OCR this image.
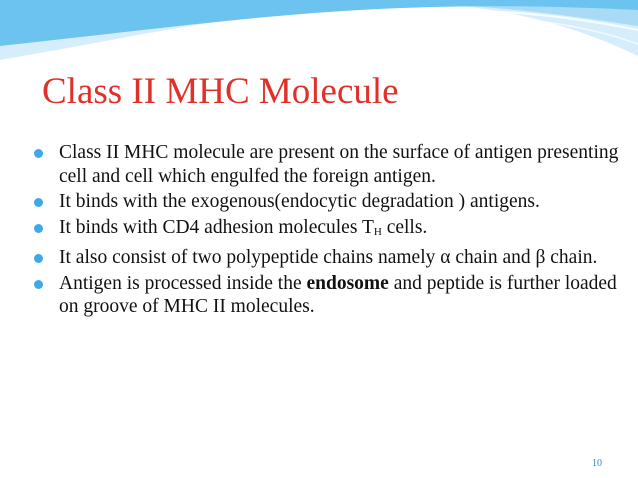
Class II MHC Molecule
Class II MHC molecule are present on the surface of antigen presenting cell and cell which engulfed the foreign antigen.
It binds with the exogenous(endocytic degradation ) antigens.
It binds with CD4 adhesion molecules TH cells.
It also consist of two polypeptide chains namely α chain and β chain.
Antigen is processed inside the endosome and peptide is further loaded on groove of MHC II molecules.
10
